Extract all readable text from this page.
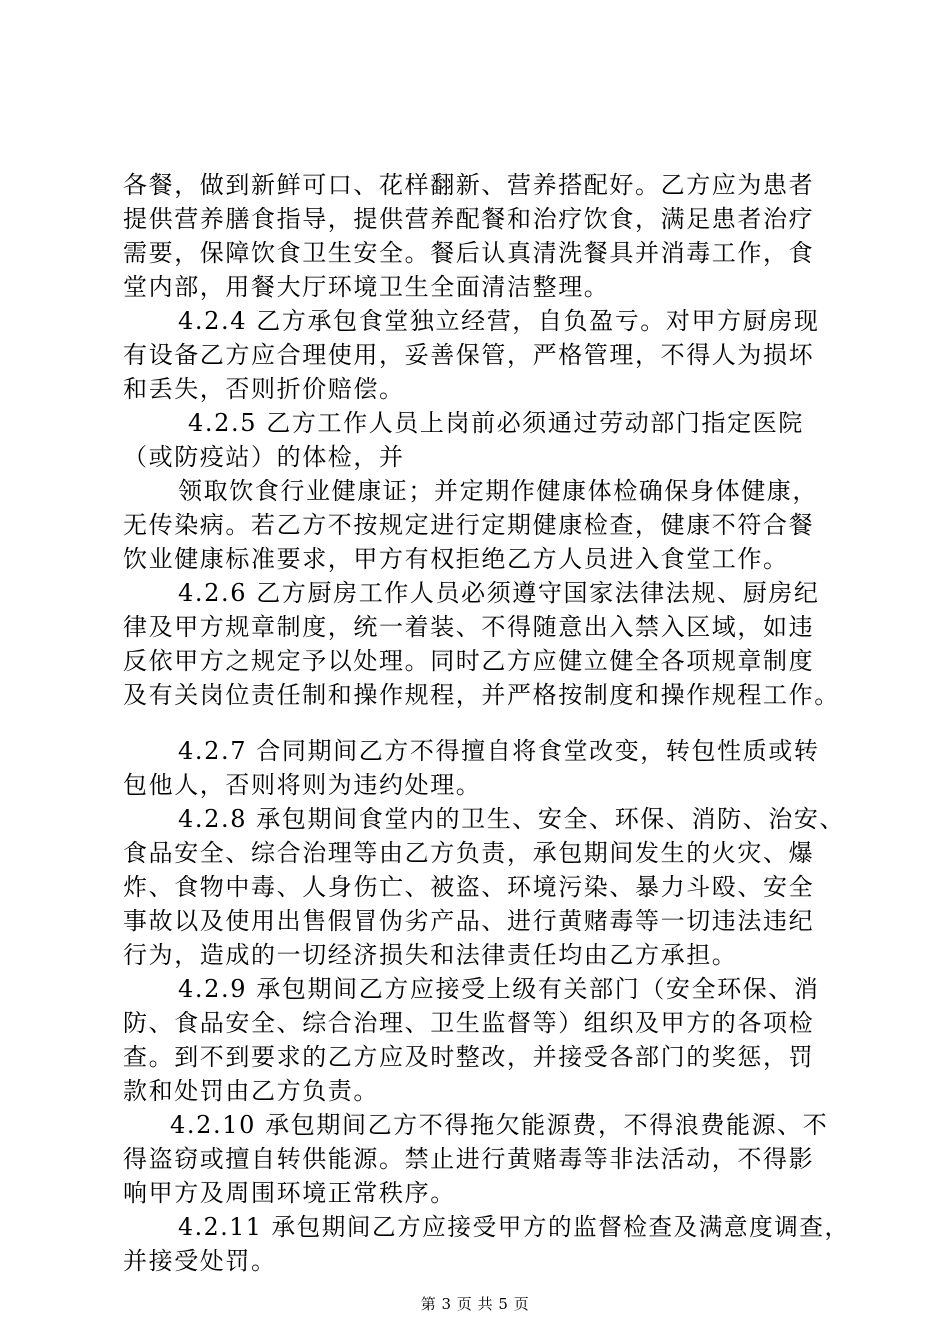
各餐，做到新鲜可口、花样翻新、营养搭配好。乙方应为患者
提供营养膳食指导，提供营养配餐和治疗饮食，满足患者治疗
需要，保障饮食卫生安全。餐后认真清洗餐具并消毒工作，食
堂内部，用餐大厅环境卫生全面清洁整理。
4.2.4 乙方承包食堂独立经营，自负盈亏。对甲方厨房现
有设备乙方应合理使用，妥善保管，严格管理，不得人为损坏
和丢失，否则折价赔偿。
4.2.5 乙方工作人员上岗前必须通过劳动部门指定医院
（或防疫站）的体检，并
领取饮食行业健康证；并定期作健康体检确保身体健康，
无传染病。若乙方不按规定进行定期健康检查，健康不符合餐
饮业健康标准要求，甲方有权拒绝乙方人员进入食堂工作。
4.2.6 乙方厨房工作人员必须遵守国家法律法规、厨房纪
律及甲方规章制度，统一着装、不得随意出入禁入区域，如违
反依甲方之规定予以处理。同时乙方应健立健全各项规章制度
及有关岗位责任制和操作规程，并严格按制度和操作规程工作。
4.2.7 合同期间乙方不得擅自将食堂改变，转包性质或转
包他人，否则将则为违约处理。
4.2.8 承包期间食堂内的卫生、安全、环保、消防、治安、
食品安全、综合治理等由乙方负责，承包期间发生的火灾、爆
炸、食物中毒、人身伤亡、被盗、环境污染、暴力斗殴、安全
事故以及使用出售假冒伪劣产品、进行黄赌毒等一切违法违纪
行为，造成的一切经济损失和法律责任均由乙方承担。
4.2.9 承包期间乙方应接受上级有关部门（安全环保、消
防、食品安全、综合治理、卫生监督等）组织及甲方的各项检
查。到不到要求的乙方应及时整改，并接受各部门的奖惩，罚
款和处罚由乙方负责。
4.2.10 承包期间乙方不得拖欠能源费，不得浪费能源、不
得盗窃或擅自转供能源。禁止进行黄赌毒等非法活动，不得影
响甲方及周围环境正常秩序。
4.2.11 承包期间乙方应接受甲方的监督检查及满意度调查，
并接受处罚。
第 3 页 共 5 页
